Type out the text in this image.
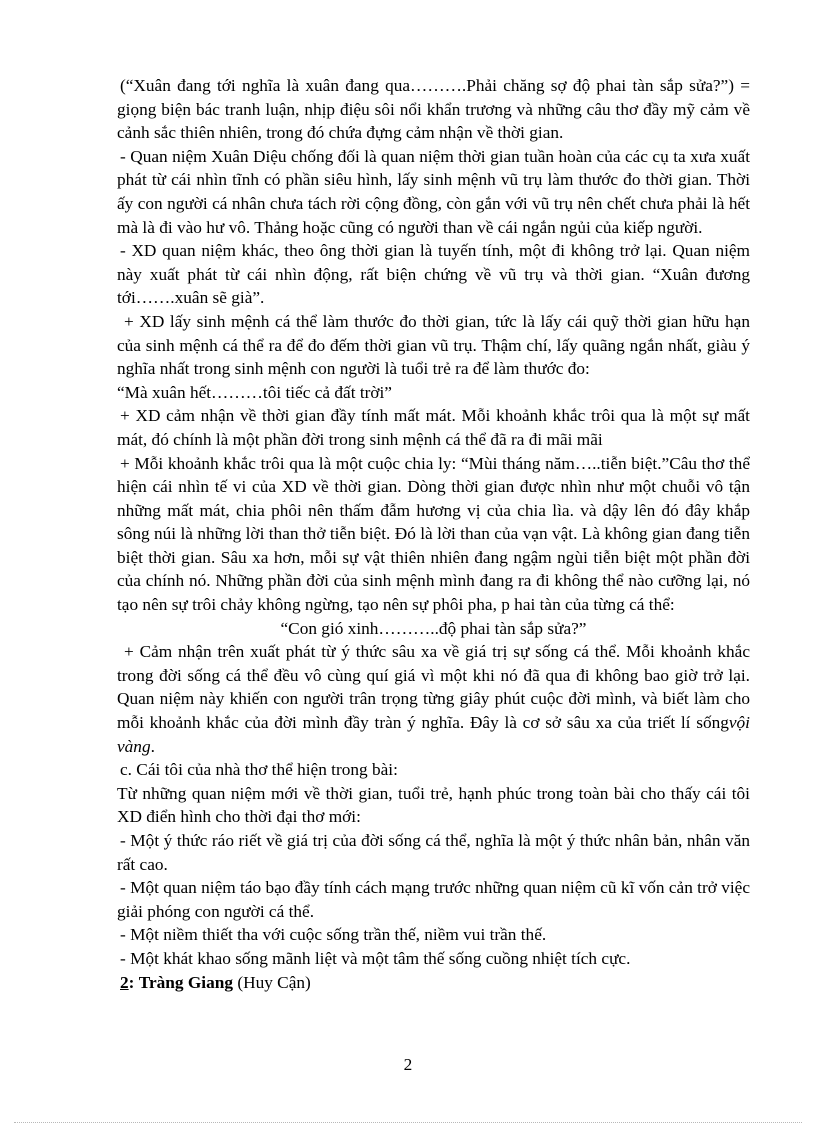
(“Xuân đang tới nghĩa là xuân đang qua……….Phải chăng sợ độ phai tàn sắp sửa?”) = giọng biện bác tranh luận, nhịp điệu sôi nổi khẩn trương và những câu thơ đầy mỹ cảm về cảnh sắc thiên nhiên, trong đó chứa đựng cảm nhận về thời gian.

- Quan niệm Xuân Diệu chống đối là quan niệm thời gian tuần hoàn của các cụ ta xưa xuất phát từ cái nhìn tĩnh có phần siêu hình, lấy sinh mệnh vũ trụ làm thước đo thời gian. Thời ấy con người cá nhân chưa tách rời cộng đồng, còn gắn với vũ trụ nên chết chưa phải là hết mà là đi vào hư vô. Thảng hoặc cũng có người than về cái ngắn ngủi của kiếp người.

- XD quan niệm khác, theo ông thời gian là tuyến tính, một đi không trở lại. Quan niệm này xuất phát từ cái nhìn động, rất biện chứng về vũ trụ và thời gian. “Xuân đương tới…….xuân sẽ già”.

+ XD lấy sinh mệnh cá thể làm thước đo thời gian, tức là lấy cái quỹ thời gian hữu hạn của sinh mệnh cá thể ra để đo đếm thời gian vũ trụ. Thậm chí, lấy quãng ngắn nhất, giàu ý nghĩa nhất trong sinh mệnh con người là tuổi trẻ ra để làm thước đo:

“Mà xuân hết………tôi tiếc cả đất trời”

+ XD cảm nhận về thời gian đầy tính mất mát. Mỗi khoảnh khắc trôi qua là một sự mất mát, đó chính là một phần đời trong sinh mệnh cá thể đã ra đi mãi mãi

+ Mỗi khoảnh khắc trôi qua là một cuộc chia ly: “Mùi tháng năm…..tiễn biệt.”Câu thơ thể hiện cái nhìn tế vi của XD về thời gian. Dòng thời gian được nhìn như một chuỗi vô tận những mất mát, chia phôi nên thấm đẫm hương vị của chia lìa. và dậy lên đó đây khắp sông núi là những lời than thở tiễn biệt. Đó là lời than của vạn vật. Là không gian đang tiễn biệt thời gian. Sâu xa hơn, mỗi sự vật thiên nhiên đang ngậm ngùi tiễn biệt một phần đời của chính nó. Những phần đời của sinh mệnh mình đang ra đi không thể nào cưỡng lại, nó tạo nên sự trôi chảy không ngừng, tạo nên sự phôi pha, p hai tàn của từng cá thể:

“Con gió xinh………..độ phai tàn sắp sửa?”

+ Cảm nhận trên xuất phát từ ý thức sâu xa về giá trị sự sống cá thể. Mỗi khoảnh khắc trong đời sống cá thể đều vô cùng quí giá vì một khi nó đã qua đi không bao giờ trở lại. Quan niệm này khiến con người trân trọng từng giây phút cuộc đời mình, và biết làm cho mỗi khoảnh khắc của đời mình đầy tràn ý nghĩa. Đây là cơ sở sâu xa của triết lí sốngvội vàng.

c. Cái tôi của nhà thơ thể hiện trong bài:

Từ những quan niệm mới về thời gian, tuổi trẻ, hạnh phúc trong toàn bài cho thấy cái tôi XD điển hình cho thời đại thơ mới:

- Một ý thức ráo riết về giá trị của đời sống cá thể, nghĩa là một ý thức nhân bản, nhân văn rất cao.

- Một quan niệm táo bạo đầy tính cách mạng trước những quan niệm cũ kĩ vốn cản trở việc giải phóng con người cá thể.

- Một niềm thiết tha với cuộc sống trần thế, niềm vui trần thế.

- Một khát khao sống mãnh liệt và một tâm thế sống cuồng nhiệt tích cực.

2: Tràng Giang (Huy Cận)

2
